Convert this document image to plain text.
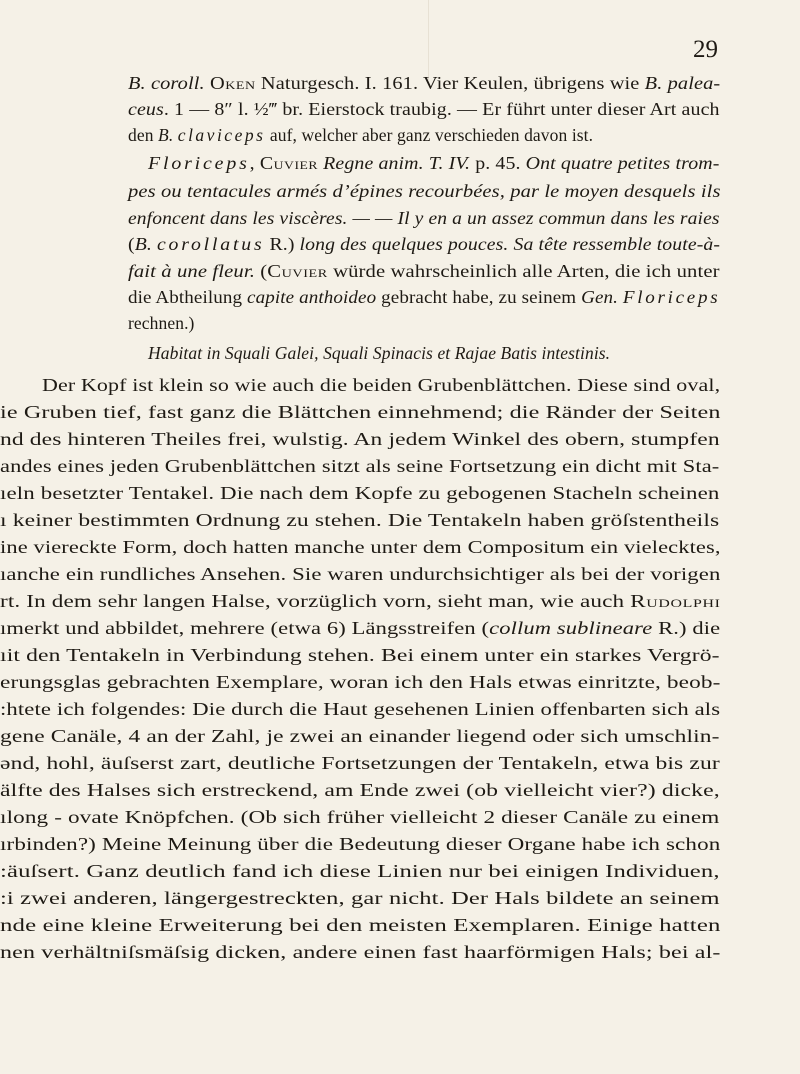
29
B. coroll. Oken Naturgesch. I. 161. Vier Keulen, übrigens wie B. palea-
ceus. 1 — 8″ l. ½‴ br. Eierstock traubig. — Er führt unter dieser Art auch
den B. claviceps auf, welcher aber ganz verschieden davon ist.
Floriceps, Cuvier Regne anim. T. IV. p. 45. Ont quatre petites trom-
pes ou tentacules armés d’épines recourbées, par le moyen desquels ils
enfoncent dans les viscères. — — Il y en a un assez commun dans les raies
(B. corollatus R.) long des quelques pouces. Sa tête ressemble toute-à-
fait à une fleur. (Cuvier würde wahrscheinlich alle Arten, die ich unter
die Abtheilung capite anthoideo gebracht habe, zu seinem Gen. Floriceps
rechnen.)
Habitat in Squali Galei, Squali Spinacis et Rajae Batis intestinis.
Der Kopf ist klein so wie auch die beiden Grubenblättchen. Diese sind oval,
ie Gruben tief, fast ganz die Blättchen einnehmend; die Ränder der Seiten
nd des hinteren Theiles frei, wulstig. An jedem Winkel des obern, stumpfen
andes eines jeden Grubenblättchen sitzt als seine Fortsetzung ein dicht mit Sta-
ıeln besetzter Tentakel. Die nach dem Kopfe zu gebogenen Stacheln scheinen
ı keiner bestimmten Ordnung zu stehen. Die Tentakeln haben gröſstentheils
ine viereckte Form, doch hatten manche unter dem Compositum ein vielecktes,
ıanche ein rundliches Ansehen. Sie waren undurchsichtiger als bei der vorigen
rt. In dem sehr langen Halse, vorzüglich vorn, sieht man, wie auch Rudolphi
ımerkt und abbildet, mehrere (etwa 6) Längsstreifen (collum sublineare R.) die
ıit den Tentakeln in Verbindung stehen. Bei einem unter ein starkes Vergrö-
erungsglas gebrachten Exemplare, woran ich den Hals etwas einritzte, beob-
:htete ich folgendes: Die durch die Haut gesehenen Linien offenbarten sich als
gene Canäle, 4 an der Zahl, je zwei an einander liegend oder sich umschlin-
ənd, hohl, äuſserst zart, deutliche Fortsetzungen der Tentakeln, etwa bis zur
älfte des Halses sich erstreckend, am Ende zwei (ob vielleicht vier?) dicke,
ılong - ovate Knöpfchen. (Ob sich früher vielleicht 2 dieser Canäle zu einem
ırbinden?) Meine Meinung über die Bedeutung dieser Organe habe ich schon
:äuſsert. Ganz deutlich fand ich diese Linien nur bei einigen Individuen,
:i zwei anderen, längergestreckten, gar nicht. Der Hals bildete an seinem
nde eine kleine Erweiterung bei den meisten Exemplaren. Einige hatten
nen verhältniſsmäſsig dicken, andere einen fast haarförmigen Hals; bei al-
